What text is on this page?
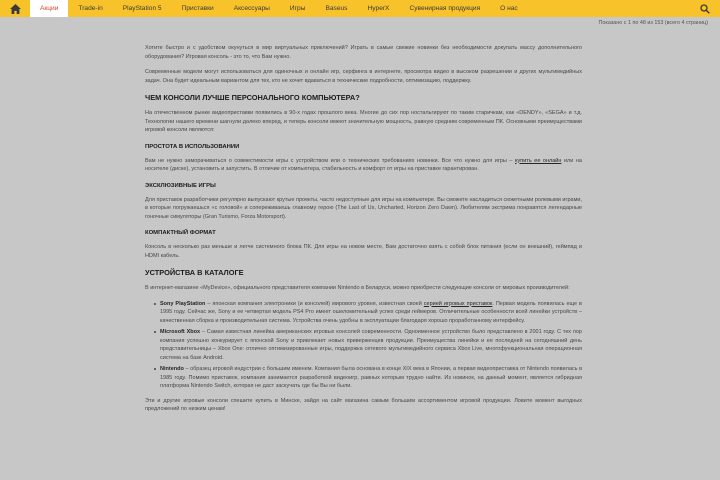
Акции	Trade-in	PlayStation 5	Приставки	Аксессуары	Игры	Baseus	HyperX	Сувенирная продукция	О нас
Показано с 1 по 48 из 153 (всего 4 страниц)

Хотите быстро и с удобством окунуться в мир виртуальных приключений? Играть в самые свежие новинки без необходимости докупать массу дополнительного оборудования? Игровая консоль - это то, что Вам нужно.

Современные модели могут использоваться для одиночных и онлайн игр, серфинга в интернете, просмотра видео в высоком разрешении и других мультимедийных задач. Она будет идеальным вариантом для тех, кто не хочет вдаваться в технические подробности, оптимизацию, поддержку.

ЧЕМ КОНСОЛИ ЛУЧШЕ ПЕРСОНАЛЬНОГО КОМПЬЮТЕРА?

На отечественном рынке видеоприставки появились в 90-х годах прошлого века. Многие до сих пор ностальгируют по таким старичкам, как «DENDY», «SEGA» и т.д. Технологии нашего времени шагнули далеко вперед, и теперь консоли имеют значительную мощность, равную средним современным ПК. Основными преимуществами игровой консоли являются:

ПРОСТОТА В ИСПОЛЬЗОВАНИИ

Вам не нужно заморачиваться о совместимости игры с устройством или о технических требованиях новинки. Все что нужно для игры – купить ее онлайн или на носителе (диске), установить и запустить. В отличие от компьютера, стабильность и комфорт от игры на приставке гарантирован.

ЭКСКЛЮЗИВНЫЕ ИГРЫ

Для приставок разработчики регулярно выпускают крутые проекты, часто недоступные для игры на компьютере. Вы сможете насладиться сюжетными ролевыми играми, в которые погружаешься «с головой» и сопереживаешь главному герою (The Last of Us, Uncharted, Horizon Zero Dawn). Любителям экстрима понравятся легендарные гоночные симуляторы (Gran Turismo, Forza Motorsport).

КОМПАКТНЫЙ ФОРМАТ

Консоль в несколько раз меньше и легче системного блока ПК. Для игры на новом месте, Вам достаточно взять с собой блок питания (если он внешний), геймпад и HDMI кабель.

УСТРОЙСТВА В КАТАЛОГЕ

В интернет-магазине «MyDevice», официального представителя компании Nintendo в Беларуси, можно приобрести следующие консоли от мировых производителей:

Sony PlayStation – японская компания электроники (и консолей) мирового уровня, известная своей серией игровых приставок. Первая модель появилась еще в 1995 году. Сейчас же, Sony и ее четвертая модель PS4 Pro имеет ошеломительный успех среди геймеров. Отличительные особенности всей линейки устройств – качественная сборка и производительная система. Устройства очень удобны в эксплуатации благодаря хорошо проработанному интерфейсу.
Microsoft Xbox – Самая известная линейка американских игровых консолей современности. Одноименное устройство было представлено в 2001 году. С тех пор компания успешно конкурирует с японской Sony и привлекает новых приверженцев продукции. Преимущества линейки и ее последней на сегодняшний день представительницы – Xbox One: отлично оптимизированные игры, поддержка сетевого мультимедийного сервиса Xbox Live, многофункциональная операционная система на базе Android.
Nintendo – образец игровой индустрии с большим именем. Компания была основана в конце XIX века в Японии, а первая видеоприставка от Nintendo появилась в 1985 году. Помимо приставок, компания занимается разработкой видеоигр, равных которым трудно найти. Из новинок, на данный момент, является гибридная платформа Nintendo Switch, которая не даст заскучать где бы Вы ни были.

Эти и другие игровые консоли спешите купить в Минске, зайдя на сайт магазина самым большим ассортиментом игровой продукции. Ловите момент выгодных предложений по низким ценам!
